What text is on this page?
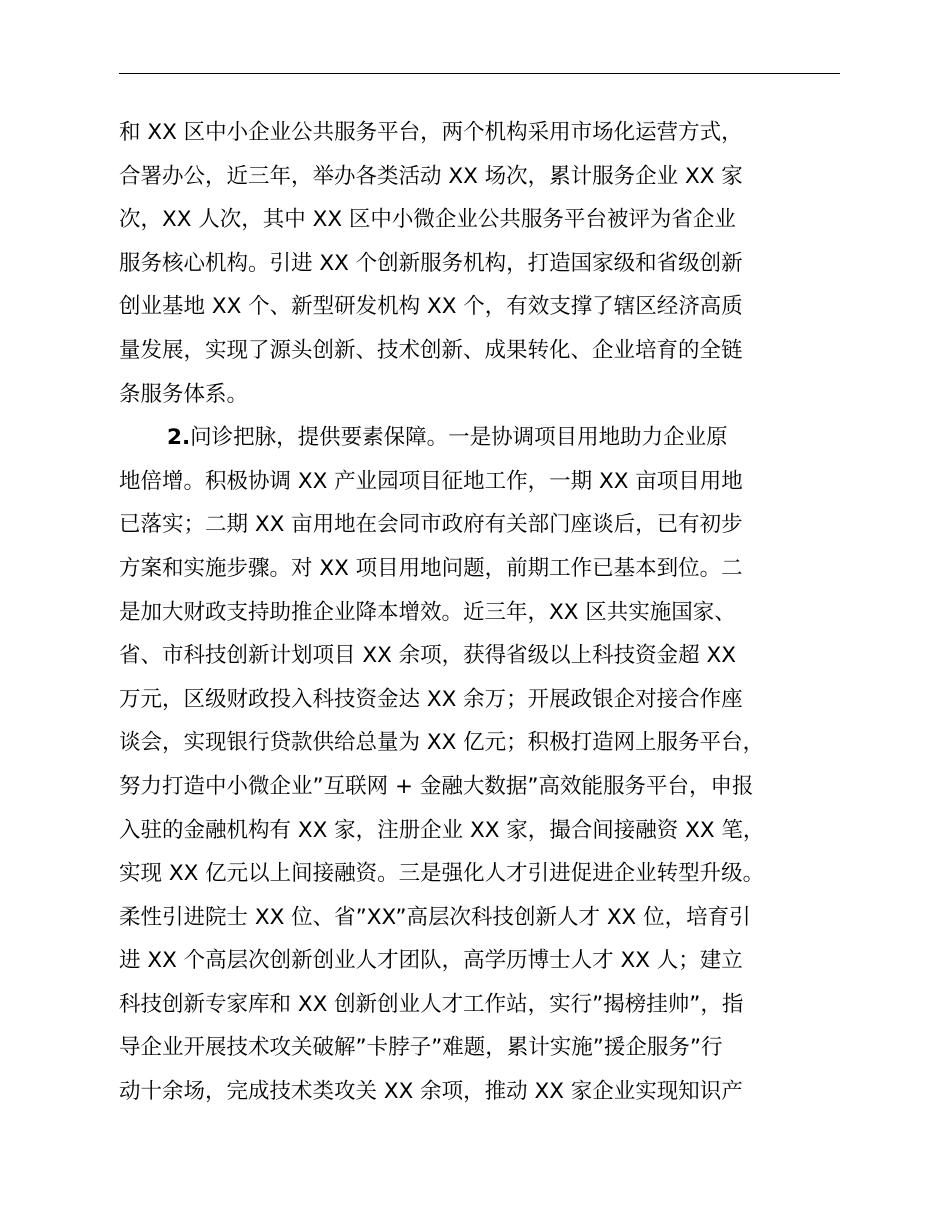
和 XX 区中小企业公共服务平台，两个机构采用市场化运营方式，
合署办公，近三年，举办各类活动 XX 场次，累计服务企业 XX 家
次，XX 人次，其中 XX 区中小微企业公共服务平台被评为省企业
服务核心机构。引进 XX 个创新服务机构，打造国家级和省级创新
创业基地 XX 个、新型研发机构 XX 个，有效支撑了辖区经济高质
量发展，实现了源头创新、技术创新、成果转化、企业培育的全链
条服务体系。
2.问诊把脉，提供要素保障。一是协调项目用地助力企业原
地倍增。积极协调 XX 产业园项目征地工作，一期 XX 亩项目用地
已落实；二期 XX 亩用地在会同市政府有关部门座谈后，已有初步
方案和实施步骤。对 XX 项目用地问题，前期工作已基本到位。二
是加大财政支持助推企业降本增效。近三年，XX 区共实施国家、
省、市科技创新计划项目 XX 余项，获得省级以上科技资金超 XX
万元，区级财政投入科技资金达 XX 余万；开展政银企对接合作座
谈会，实现银行贷款供给总量为 XX 亿元；积极打造网上服务平台，
努力打造中小微企业”互联网 + 金融大数据”高效能服务平台，申报
入驻的金融机构有 XX 家，注册企业 XX 家，撮合间接融资 XX 笔，
实现 XX 亿元以上间接融资。三是强化人才引进促进企业转型升级。
柔性引进院士 XX 位、省”XX”高层次科技创新人才 XX 位，培育引
进 XX 个高层次创新创业人才团队，高学历博士人才 XX 人；建立
科技创新专家库和 XX 创新创业人才工作站，实行”揭榜挂帅”，指
导企业开展技术攻关破解”卡脖子”难题，累计实施”援企服务”行
动十余场，完成技术类攻关 XX 余项，推动 XX 家企业实现知识产
